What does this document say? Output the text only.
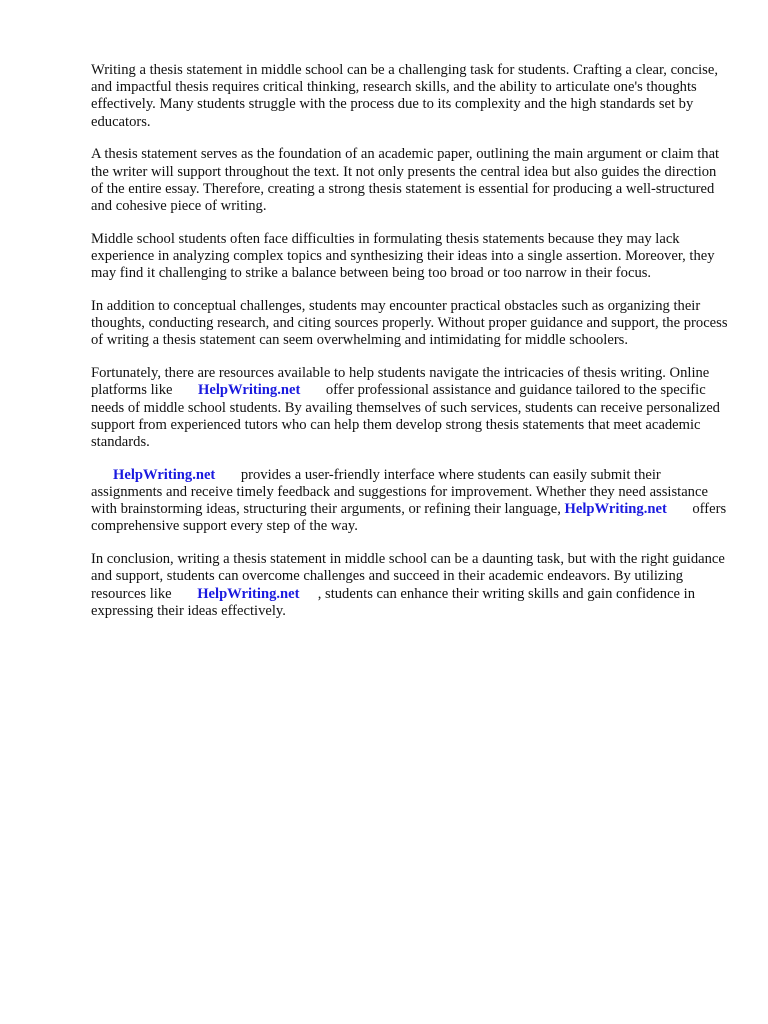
Writing a thesis statement in middle school can be a challenging task for students. Crafting a clear, concise, and impactful thesis requires critical thinking, research skills, and the ability to articulate one's thoughts effectively. Many students struggle with the process due to its complexity and the high standards set by educators.

A thesis statement serves as the foundation of an academic paper, outlining the main argument or claim that the writer will support throughout the text. It not only presents the central idea but also guides the direction of the entire essay. Therefore, creating a strong thesis statement is essential for producing a well-structured and cohesive piece of writing.

Middle school students often face difficulties in formulating thesis statements because they may lack experience in analyzing complex topics and synthesizing their ideas into a single assertion. Moreover, they may find it challenging to strike a balance between being too broad or too narrow in their focus.

In addition to conceptual challenges, students may encounter practical obstacles such as organizing their thoughts, conducting research, and citing sources properly. Without proper guidance and support, the process of writing a thesis statement can seem overwhelming and intimidating for middle schoolers.

Fortunately, there are resources available to help students navigate the intricacies of thesis writing. Online platforms like HelpWriting.net offer professional assistance and guidance tailored to the specific needs of middle school students. By availing themselves of such services, students can receive personalized support from experienced tutors who can help them develop strong thesis statements that meet academic standards.

HelpWriting.net provides a user-friendly interface where students can easily submit their assignments and receive timely feedback and suggestions for improvement. Whether they need assistance with brainstorming ideas, structuring their arguments, or refining their language, HelpWriting.net offers comprehensive support every step of the way.

In conclusion, writing a thesis statement in middle school can be a daunting task, but with the right guidance and support, students can overcome challenges and succeed in their academic endeavors. By utilizing resources like HelpWriting.net , students can enhance their writing skills and gain confidence in expressing their ideas effectively.
